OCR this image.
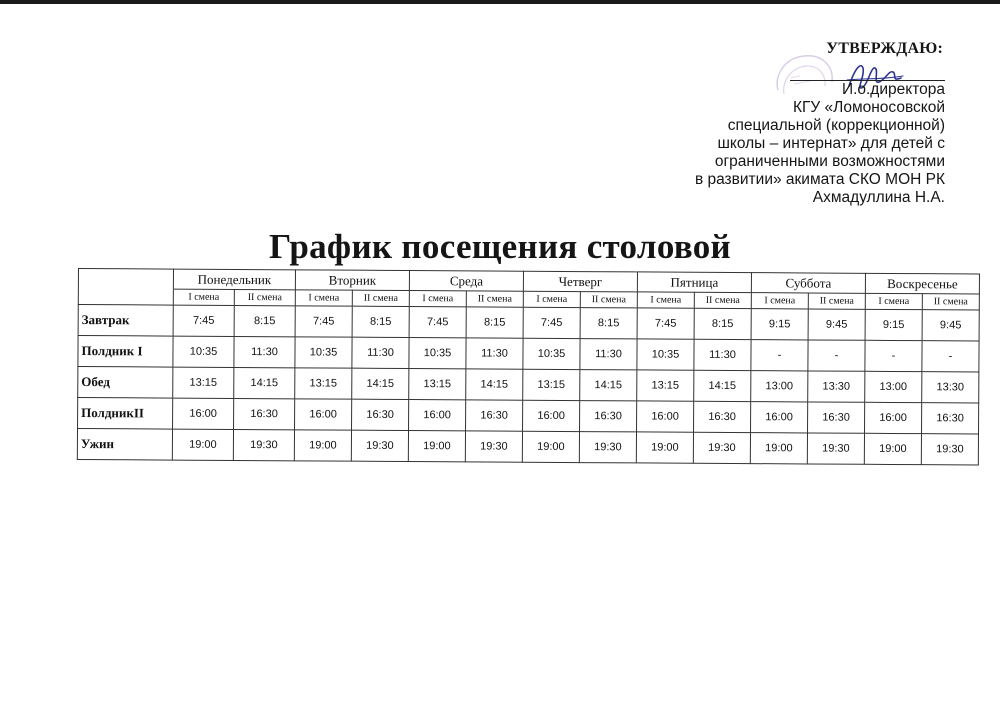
УТВЕРЖДАЮ:
И.о.директора
КГУ «Ломоносовской
специальной (коррекционной)
школы – интернат» для детей с
ограниченными возможностями
в развитии» акимата СКО МОН РК
Ахмадуллина Н.А.
График посещения столовой
	Понедельник		Вторник		Среда		Четверг		Пятница		Суббота		Воскресенье	
	I смена	II смена	I смена	II смена	I смена	II смена	I смена	II смена	I смена	II смена	I смена	II смена	I смена	II смена
Завтрак	7:45	8:15	7:45	8:15	7:45	8:15	7:45	8:15	7:45	8:15	9:15	9:45	9:15	9:45
Полдник I	10:35	11:30	10:35	11:30	10:35	11:30	10:35	11:30	10:35	11:30	-	-	-	-
Обед	13:15	14:15	13:15	14:15	13:15	14:15	13:15	14:15	13:15	14:15	13:00	13:30	13:00	13:30
ПолдникII	16:00	16:30	16:00	16:30	16:00	16:30	16:00	16:30	16:00	16:30	16:00	16:30	16:00	16:30
Ужин	19:00	19:30	19:00	19:30	19:00	19:30	19:00	19:30	19:00	19:30	19:00	19:30	19:00	19:30
